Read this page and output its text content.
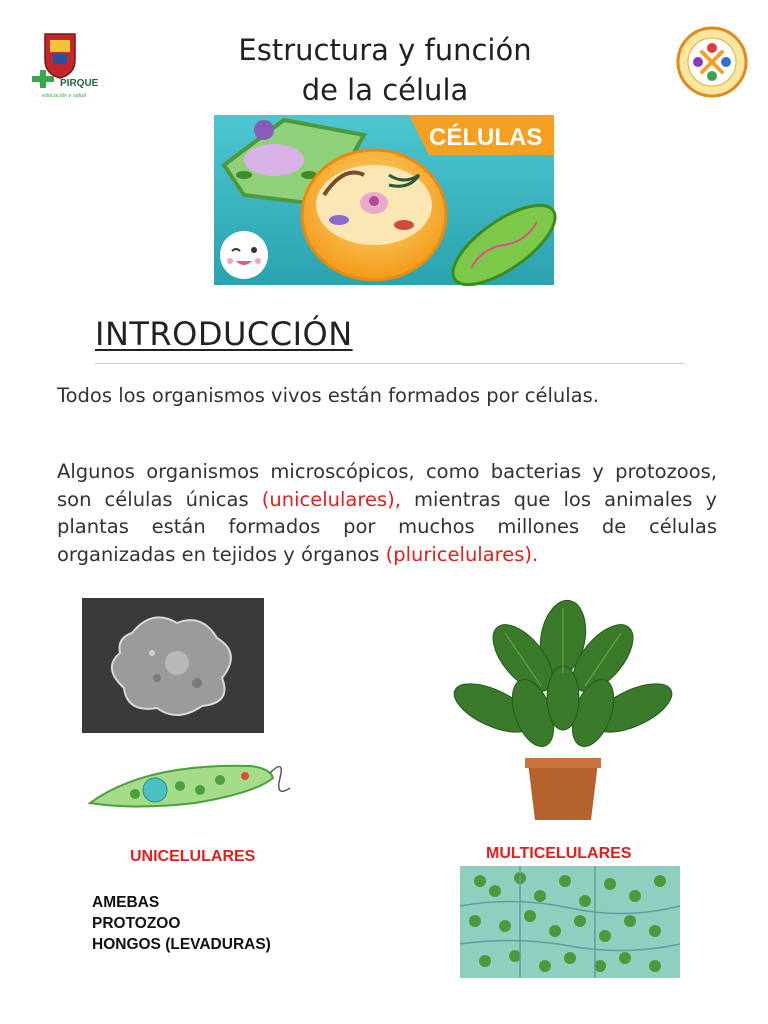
PIRQUE
educación y salud
Estructura y función
de la célula
CÉLULAS
INTRODUCCIÓN
Todos los organismos vivos están formados por células.
Algunos organismos microscópicos, como bacterias y protozoos, son células únicas (unicelulares), mientras que los animales y plantas están formados por muchos millones de células organizadas en tejidos y órganos (pluricelulares).
UNICELULARES	MULTICELULARES
AMEBAS
PROTOZOO
HONGOS (LEVADURAS)
